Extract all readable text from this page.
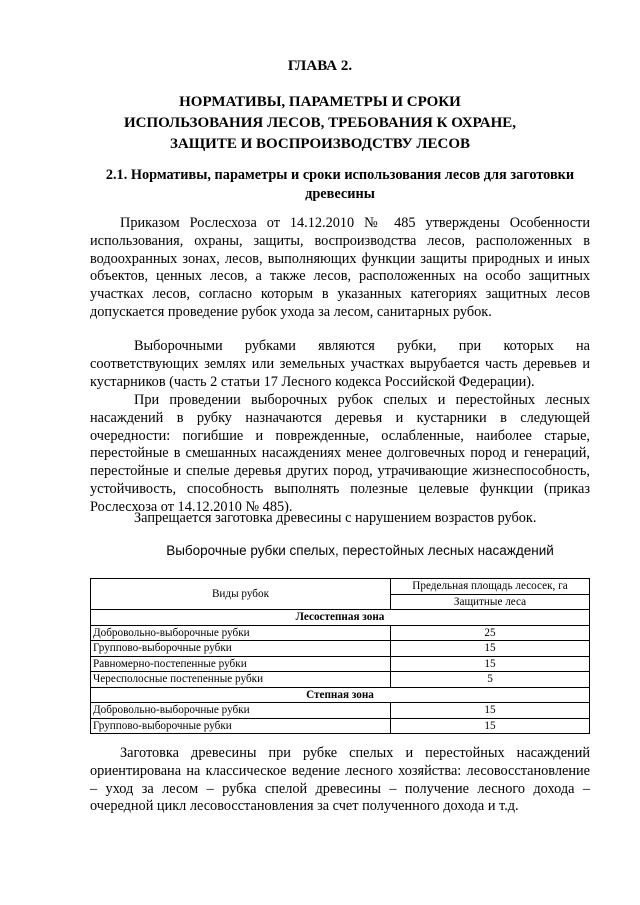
ГЛАВА 2.
НОРМАТИВЫ, ПАРАМЕТРЫ И СРОКИ
ИСПОЛЬЗОВАНИЯ ЛЕСОВ, ТРЕБОВАНИЯ К ОХРАНЕ,
ЗАЩИТЕ И ВОСПРОИЗВОДСТВУ ЛЕСОВ
2.1. Нормативы, параметры и сроки использования лесов для заготовки древесины

Приказом Рослесхоза от 14.12.2010 № 485 утверждены Особенности использования, охраны, защиты, воспроизводства лесов, расположенных в водоохранных зонах, лесов, выполняющих функции защиты природных и иных объектов, ценных лесов, а также лесов, расположенных на особо защитных участках лесов, согласно которым в указанных категориях защитных лесов допускается проведение рубок ухода за лесом, санитарных рубок.

Выборочными рубками являются рубки, при которых на соответствующих землях или земельных участках вырубается часть деревьев и кустарников (часть 2 статьи 17 Лесного кодекса Российской Федерации).

При проведении выборочных рубок спелых и перестойных лесных насаждений в рубку назначаются деревья и кустарники в следующей очередности: погибшие и поврежденные, ослабленные, наиболее старые, перестойные в смешанных насаждениях менее долговечных пород и генераций, перестойные и спелые деревья других пород, утрачивающие жизнеспособность, устойчивость, способность выполнять полезные целевые функции (приказ Рослесхоза от 14.12.2010 № 485).

Запрещается заготовка древесины с нарушением возрастов рубок.

Выборочные рубки спелых, перестойных лесных насаждений
Виды рубок	Предельная площадь лесосек, га
	Защитные леса
Лесостепная зона	
Добровольно-выборочные рубки	25
Группово-выборочные рубки	15
Равномерно-постепенные рубки	15
Чересполосные постепенные рубки	5
Степная зона	
Добровольно-выборочные рубки	15
Группово-выборочные рубки	15

Заготовка древесины при рубке спелых и перестойных насаждений ориентирована на классическое ведение лесного хозяйства: лесовосстановление – уход за лесом – рубка спелой древесины – получение лесного дохода – очередной цикл лесовосстановления за счет полученного дохода и т.д.
